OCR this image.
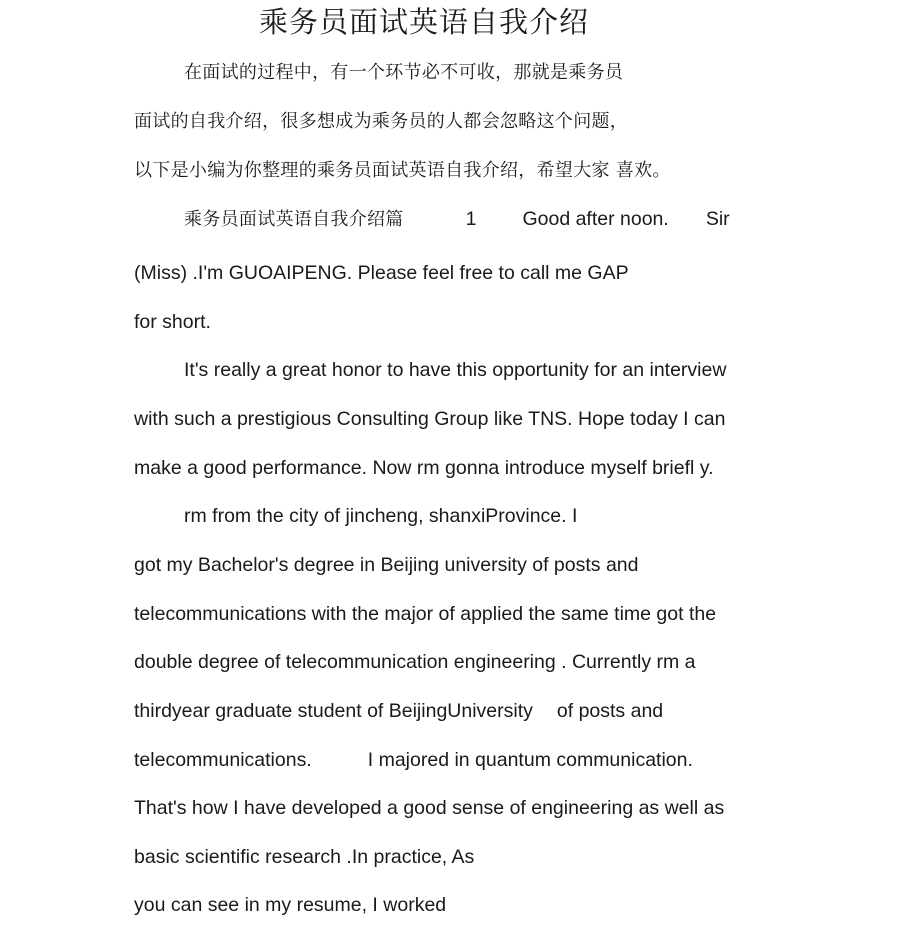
乘务员面试英语自我介绍
在面试的过程中，有一个环节必不可收，那就是乘务员
面试的自我介绍，很多想成为乘务员的人都会忽略这个问题，
以下是小编为你整理的乘务员面试英语自我介绍，希望大家 喜欢。
乘务员面试英语自我介绍篇	1 Good after noon. Sir
(Miss) .I'm GUOAIPENG. Please feel free to call me GAP
for short.
It's really a great honor to have this opportunity for an interview
with such a prestigious Consulting Group like TNS. Hope today I can
make a good performance. Now rm gonna introduce myself briefl y.
rm from the city of jincheng, shanxiProvince. I
got my Bachelor's degree in Beijing university of posts and
telecommunications with the major of applied the same time got the
double degree of telecommunication engineering . Currently rm a
thirdyear graduate student of BeijingUniversity of posts and
telecommunications.	I majored in quantum communication.
That's how I have developed a good sense of engineering as well as
basic scientific research .In practice, As
you can see in my resume, I worked
